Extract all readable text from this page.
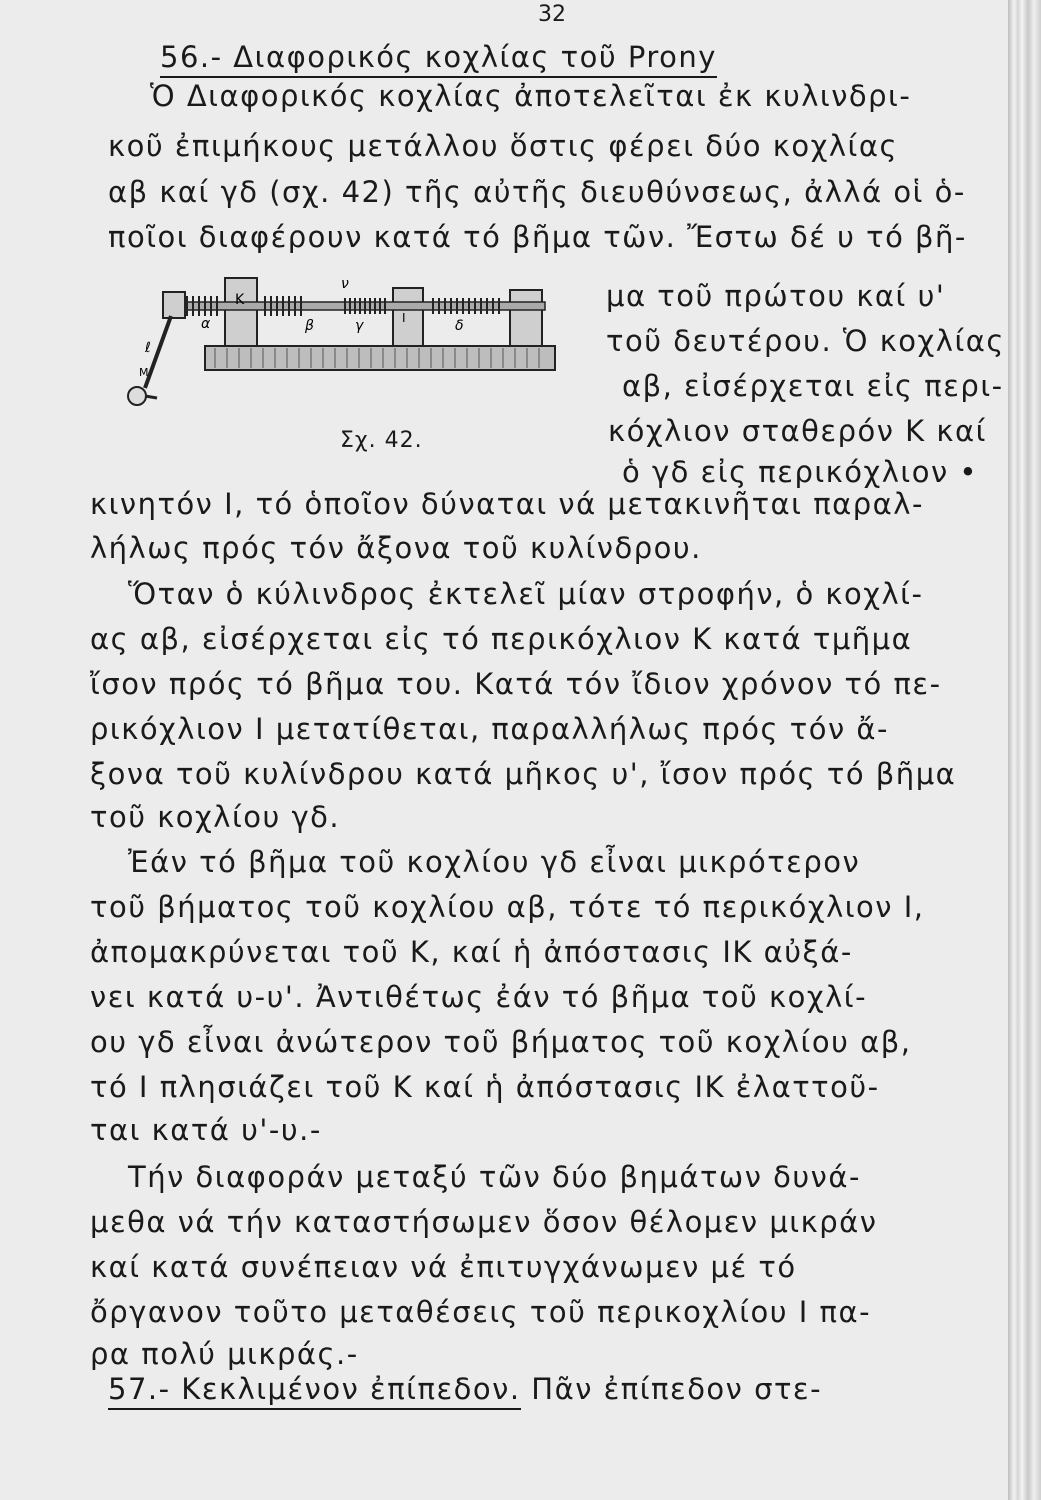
32
56.- Διαφορικός κοχλίας τοῦ Prony
Ὁ Διαφορικός κοχλίας ἀποτελεῖται ἐκ κυλινδρι-
κοῦ ἐπιμήκους μετάλλου ὅστις φέρει δύο κοχλίας
αβ καί γδ (σχ. 42) τῆς αὐτῆς διευθύνσεως, ἀλλά οἱ ὁ-
ποῖοι διαφέρουν κατά τό βῆμα τῶν. Ἔστω δέ υ τό βῆ-
μα τοῦ πρώτου καί υ'
τοῦ δευτέρου. Ὁ κοχλίας
αβ, εἰσέρχεται εἰς περι-
κόχλιον σταθερόν Κ καί
ὁ γδ εἰς περικόχλιον •
κινητόν Ι, τό ὁποῖον δύναται νά μετακινῆται παραλ-
λήλως πρός τόν ἄξονα τοῦ κυλίνδρου.
Κ
ν
α	β	γ	δ
Ι
ℓ
Μ
Σχ. 42.
Ὅταν ὁ κύλινδρος ἐκτελεῖ μίαν στροφήν, ὁ κοχλί-
ας αβ, εἰσέρχεται εἰς τό περικόχλιον Κ κατά τμῆμα
ἴσον πρός τό βῆμα του. Κατά τόν ἴδιον χρόνον τό πε-
ρικόχλιον Ι μετατίθεται, παραλλήλως πρός τόν ἄ-
ξονα τοῦ κυλίνδρου κατά μῆκος υ', ἴσον πρός τό βῆμα
τοῦ κοχλίου γδ.
Ἐάν τό βῆμα τοῦ κοχλίου γδ εἶναι μικρότερον
τοῦ βήματος τοῦ κοχλίου αβ, τότε τό περικόχλιον Ι,
ἀπομακρύνεται τοῦ Κ, καί ἡ ἀπόστασις ΙΚ αὐξά-
νει κατά υ-υ'. Ἀντιθέτως ἐάν τό βῆμα τοῦ κοχλί-
ου γδ εἶναι ἀνώτερον τοῦ βήματος τοῦ κοχλίου αβ,
τό Ι πλησιάζει τοῦ Κ καί ἡ ἀπόστασις ΙΚ ἐλαττοῦ-
ται κατά υ'-υ.-
Τήν διαφοράν μεταξύ τῶν δύο βημάτων δυνά-
μεθα νά τήν καταστήσωμεν ὅσον θέλομεν μικράν
καί κατά συνέπειαν νά ἐπιτυγχάνωμεν μέ τό
ὄργανον τοῦτο μεταθέσεις τοῦ περικοχλίου Ι πα-
ρα πολύ μικράς.-
57.- Κεκλιμένον ἐπίπεδον. Πᾶν ἐπίπεδον στε-
